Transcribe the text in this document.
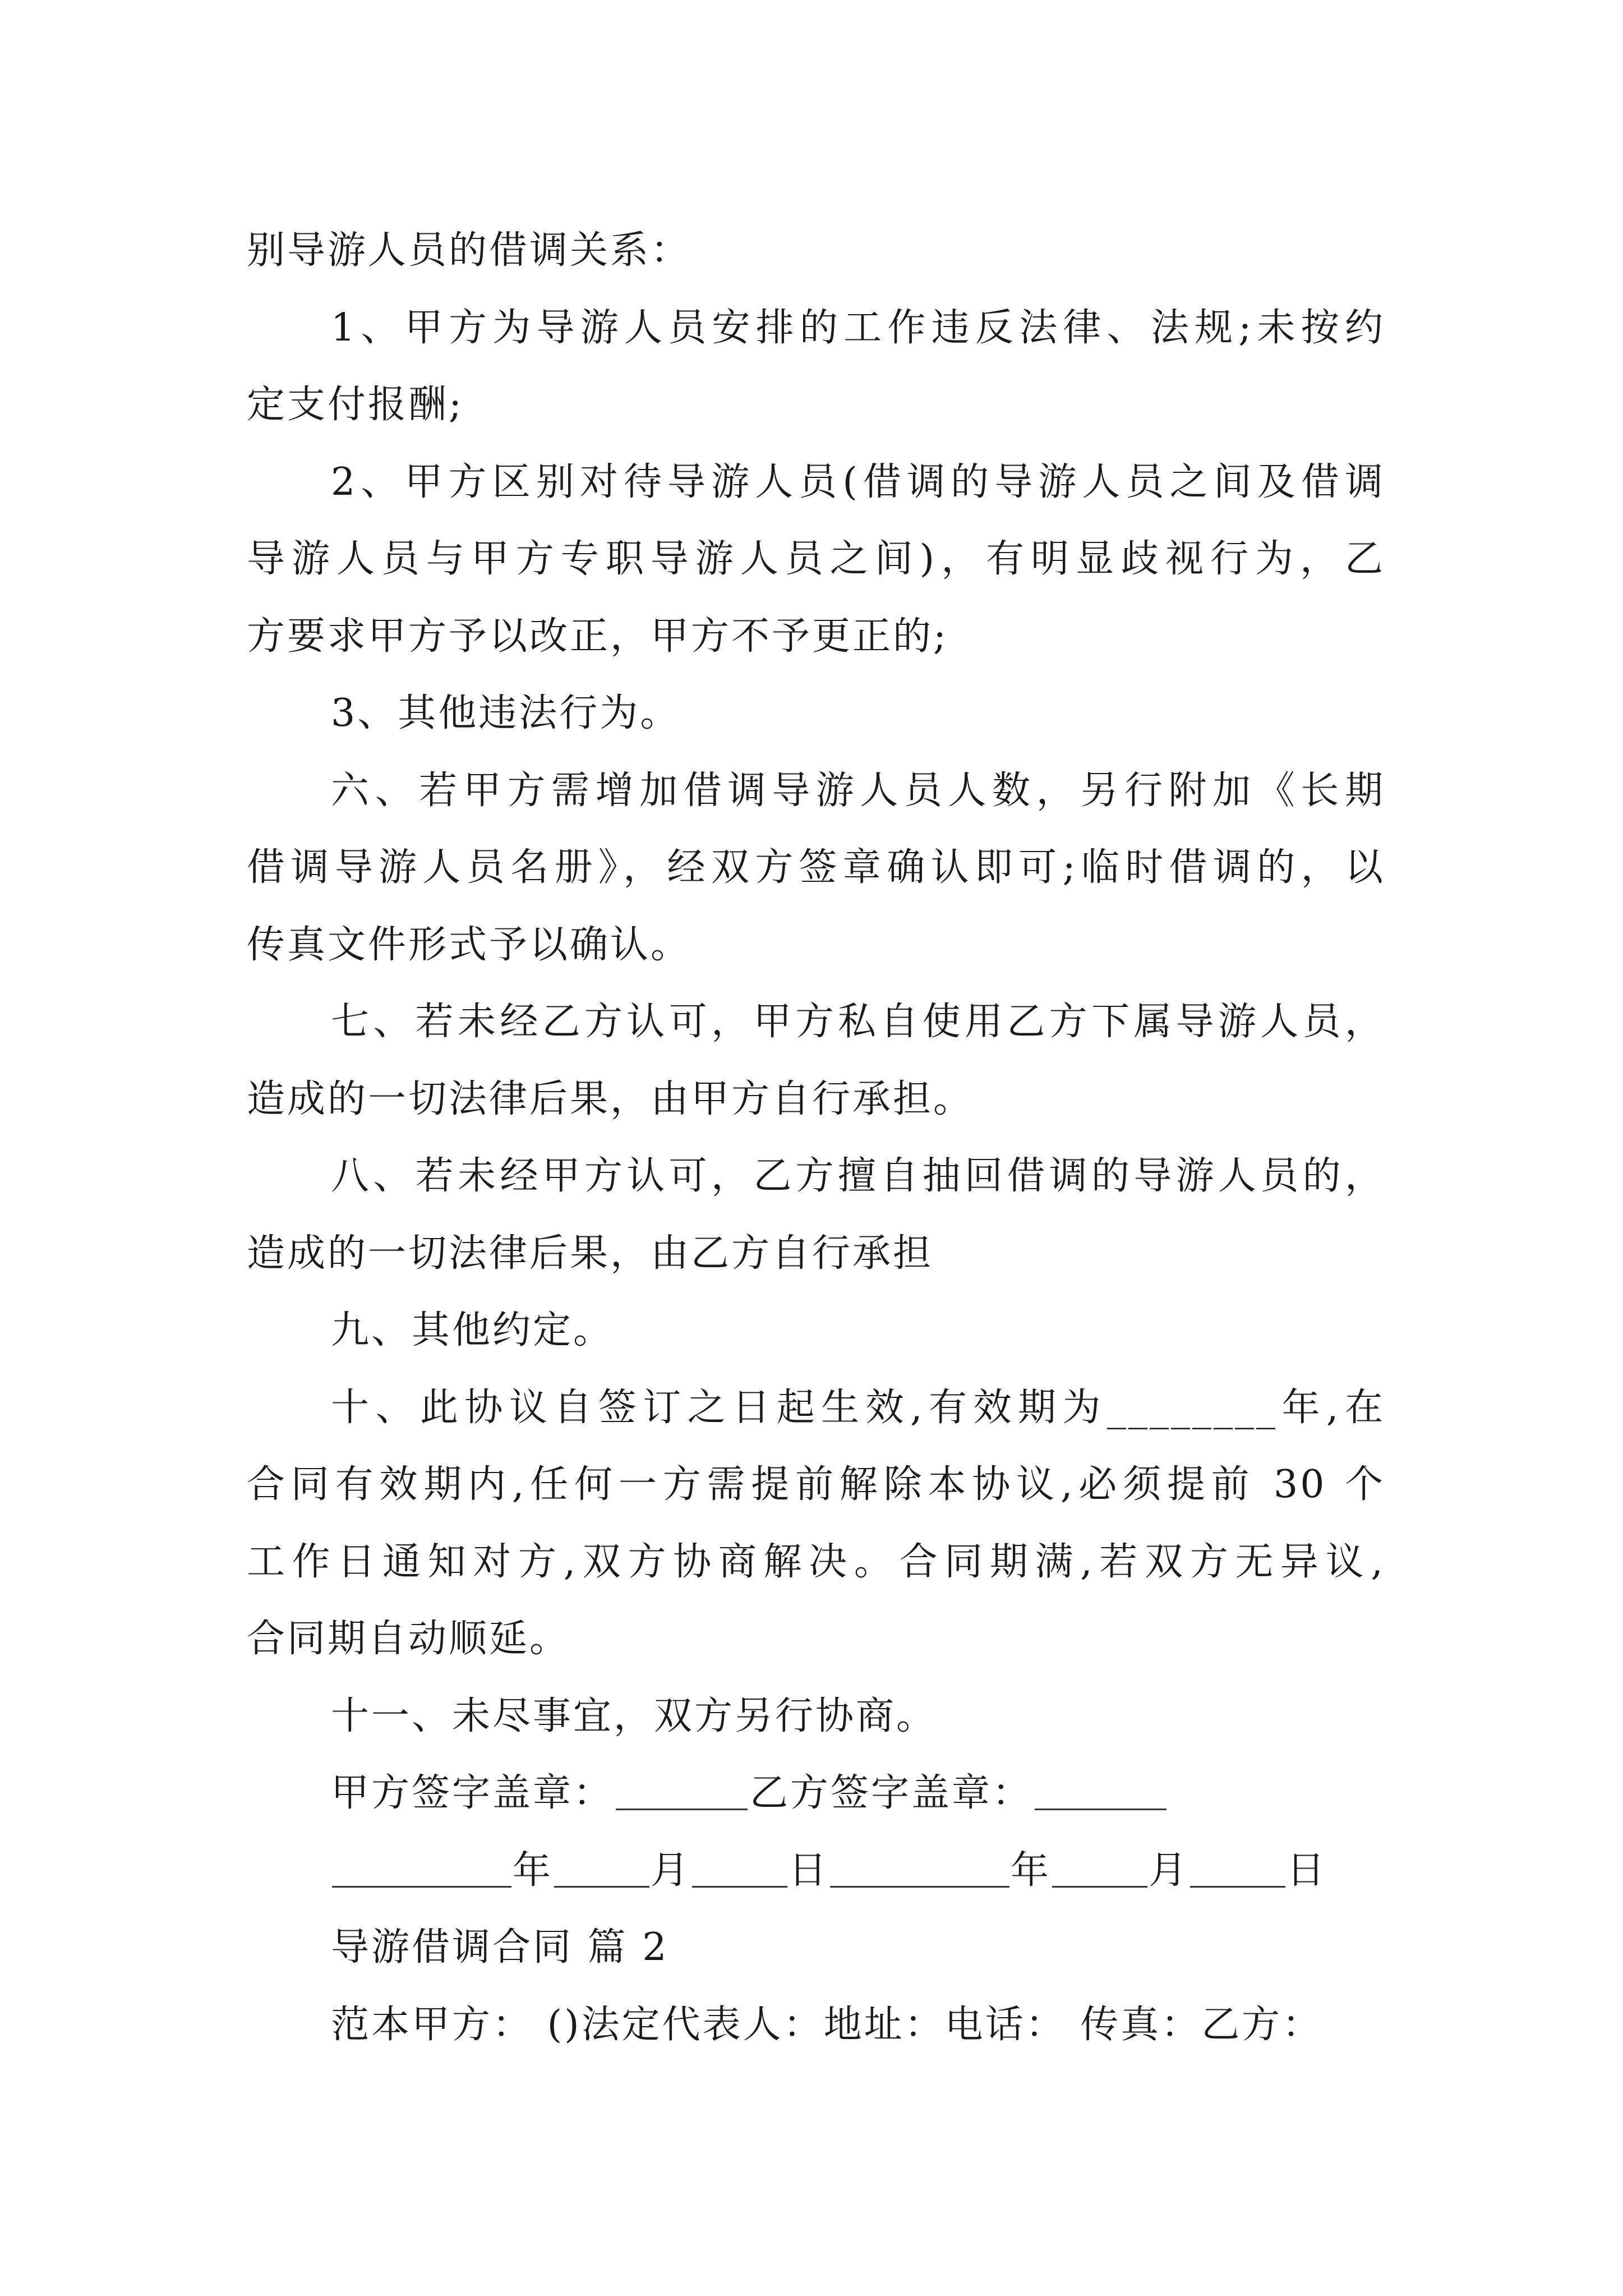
别导游人员的借调关系：
1、甲方为导游人员安排的工作违反法律、法规;未按约
定支付报酬;
2、甲方区别对待导游人员(借调的导游人员之间及借调
导游人员与甲方专职导游人员之间)，有明显歧视行为，乙
方要求甲方予以改正，甲方不予更正的;
3、其他违法行为。
六、若甲方需增加借调导游人员人数，另行附加《长期
借调导游人员名册》，经双方签章确认即可;临时借调的，以
传真文件形式予以确认。
七、若未经乙方认可，甲方私自使用乙方下属导游人员，
造成的一切法律后果，由甲方自行承担。
八、若未经甲方认可，乙方擅自抽回借调的导游人员的，
造成的一切法律后果，由乙方自行承担
九、其他约定。
十、此协议自签订之日起生效,有效期为________年,在
合同有效期内,任何一方需提前解除本协议,必须提前 30 个
工作日通知对方,双方协商解决。合同期满,若双方无异议,
合同期自动顺延。
十一、未尽事宜，双方另行协商。
甲方签字盖章：	乙方签字盖章：
年	月	日	年	月	日
导游借调合同 篇 2
范本甲方： ()法定代表人：地址：电话： 传真：乙方：
